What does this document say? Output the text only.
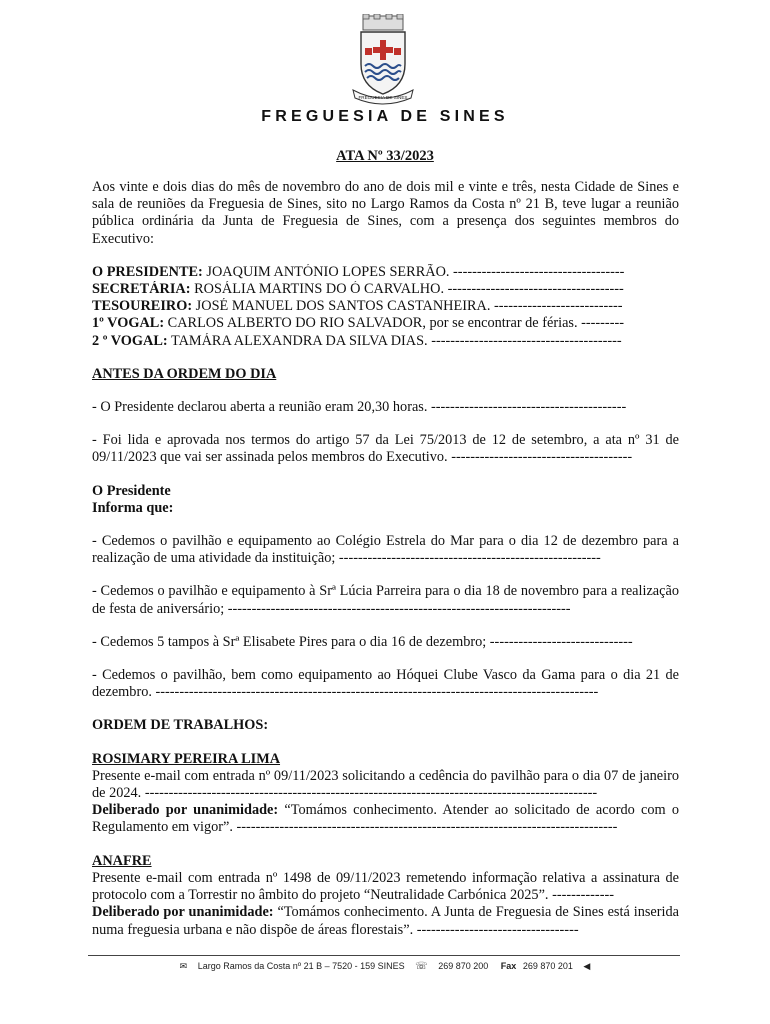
FREGUESIA DE SINES
FREGUESIA DE SINES
ATA Nº 33/2023

Aos vinte e dois dias do mês de novembro do ano de dois mil e vinte e três, nesta Cidade de Sines e sala de reuniões da Freguesia de Sines, sito no Largo Ramos da Costa nº 21 B, teve lugar a reunião pública ordinária da Junta de Freguesia de Sines, com a presença dos seguintes membros do Executivo:

O PRESIDENTE: JOAQUIM ANTÓNIO LOPES SERRÃO. ------------------------------------
SECRETÁRIA: ROSÁLIA MARTINS DO Ó CARVALHO. -------------------------------------
TESOUREIRO: JOSÉ MANUEL DOS SANTOS CASTANHEIRA. ---------------------------
1º VOGAL: CARLOS ALBERTO DO RIO SALVADOR, por se encontrar de férias. ---------
2 º VOGAL: TAMÁRA ALEXANDRA DA SILVA DIAS. ----------------------------------------

ANTES DA ORDEM DO DIA

- O Presidente declarou aberta a reunião eram 20,30 horas. -----------------------------------------

- Foi lida e aprovada nos termos do artigo 57 da Lei 75/2013 de 12 de setembro, a ata nº 31 de 09/11/2023 que vai ser assinada pelos membros do Executivo. --------------------------------------

O Presidente

Informa que:

- Cedemos o pavilhão e equipamento ao Colégio Estrela do Mar para o dia 12 de dezembro para a realização de uma atividade da instituição; -------------------------------------------------------

- Cedemos o pavilhão e equipamento à Srª Lúcia Parreira para o dia 18 de novembro para a realização de festa de aniversário; ------------------------------------------------------------------------

- Cedemos 5 tampos à Srª Elisabete Pires para o dia 16 de dezembro; ------------------------------

- Cedemos o pavilhão, bem como equipamento ao Hóquei Clube Vasco da Gama para o dia 21 de dezembro. ---------------------------------------------------------------------------------------------

ORDEM DE TRABALHOS:

ROSIMARY PEREIRA LIMA

Presente e-mail com entrada nº 09/11/2023 solicitando a cedência do pavilhão para o dia 07 de janeiro de 2024. -----------------------------------------------------------------------------------------------

Deliberado por unanimidade: “Tomámos conhecimento. Atender ao solicitado de acordo com o Regulamento em vigor”. --------------------------------------------------------------------------------

ANAFRE

Presente e-mail com entrada nº 1498 de 09/11/2023 remetendo informação relativa a assinatura de protocolo com a Torrestir no âmbito do projeto “Neutralidade Carbónica 2025”. -------------

Deliberado por unanimidade: “Tomámos conhecimento. A Junta de Freguesia de Sines está inserida numa freguesia urbana e não dispõe de áreas florestais”. ----------------------------------

✉ Largo Ramos da Costa nº 21 B – 7520 - 159 SINES ☏ 269 870 200 Fax 269 870 201 ◀
